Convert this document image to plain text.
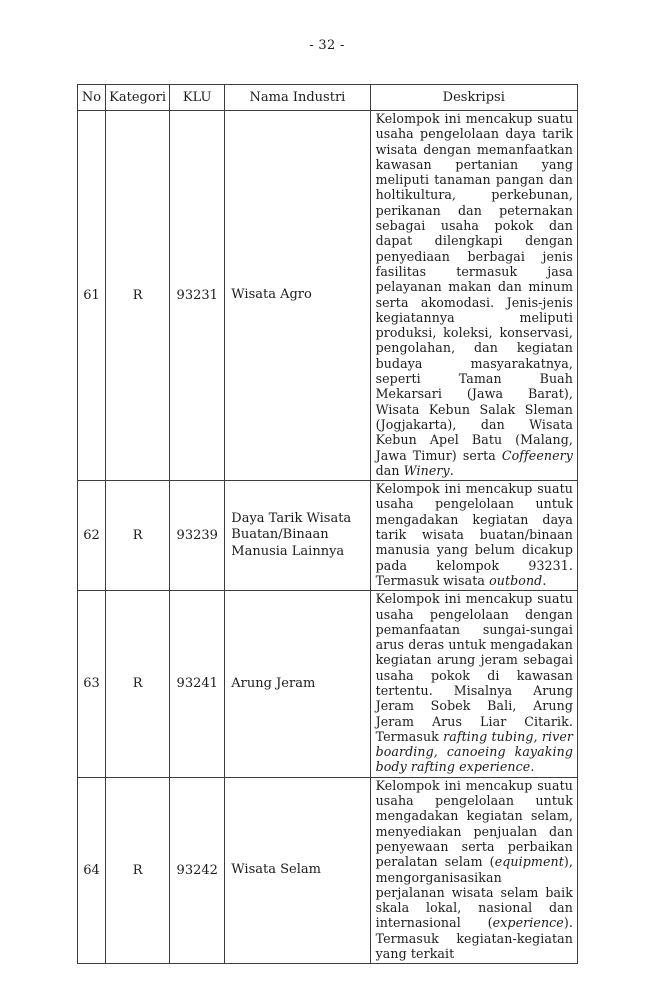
- 32 -
No	Kategori	KLU	Nama Industri	Deskripsi
61	R	93231	Wisata Agro	Kelompok ini mencakup suatu usaha pengelolaan daya tarik wisata dengan memanfaatkan kawasan pertanian yang meliputi tanaman pangan dan holtikultura, perkebunan, perikanan dan peternakan sebagai usaha pokok dan dapat dilengkapi dengan penyediaan berbagai jenis fasilitas termasuk jasa pelayanan makan dan minum serta akomodasi. Jenis-jenis kegiatannya meliputi produksi, koleksi, konservasi, pengolahan, dan kegiatan budaya masyarakatnya, seperti Taman Buah Mekarsari (Jawa Barat), Wisata Kebun Salak Sleman (Jogjakarta), dan Wisata Kebun Apel Batu (Malang, Jawa Timur) serta Coffeenery dan Winery.
62	R	93239	Daya Tarik Wisata Buatan/Binaan Manusia Lainnya	Kelompok ini mencakup suatu usaha pengelolaan untuk mengadakan kegiatan daya tarik wisata buatan/binaan manusia yang belum dicakup pada kelompok 93231. Termasuk wisata outbond.
63	R	93241	Arung Jeram	Kelompok ini mencakup suatu usaha pengelolaan dengan pemanfaatan sungai-sungai arus deras untuk mengadakan kegiatan arung jeram sebagai usaha pokok di kawasan tertentu. Misalnya Arung Jeram Sobek Bali, Arung Jeram Arus Liar Citarik. Termasuk rafting tubing, river boarding, canoeing kayaking body rafting experience.
64	R	93242	Wisata Selam	Kelompok ini mencakup suatu usaha pengelolaan untuk mengadakan kegiatan selam, menyediakan penjualan dan penyewaan serta perbaikan peralatan selam (equipment), mengorganisasikan perjalanan wisata selam baik skala lokal, nasional dan internasional (experience). Termasuk kegiatan-kegiatan yang terkait
